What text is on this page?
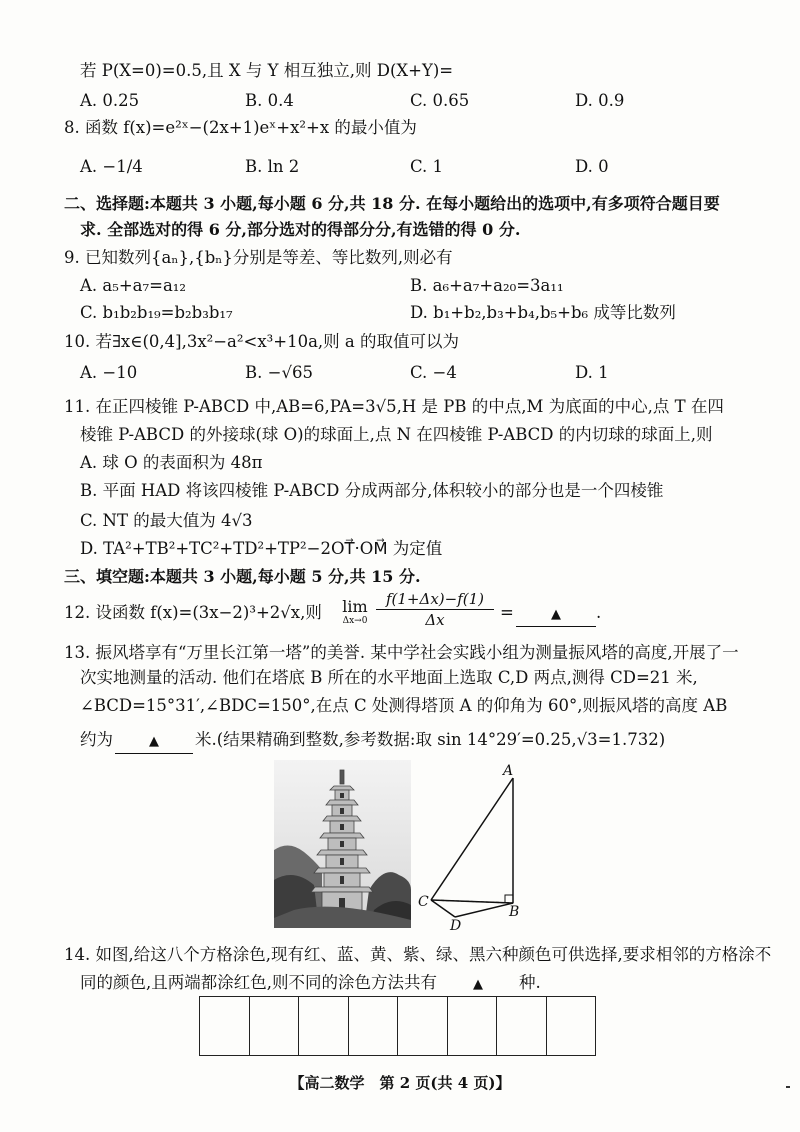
若 P(X=0)=0.5,且 X 与 Y 相互独立,则 D(X+Y)=
A. 0.25	B. 0.4	C. 0.65	D. 0.9
8. 函数 f(x)=e²ˣ−(2x+1)eˣ+x²+x 的最小值为
A. −1/4	B. ln 2	C. 1	D. 0
二、选择题:本题共 3 小题,每小题 6 分,共 18 分. 在每小题给出的选项中,有多项符合题目要
求. 全部选对的得 6 分,部分选对的得部分分,有选错的得 0 分.
9. 已知数列{aₙ},{bₙ}分别是等差、等比数列,则必有
A. a₅+a₇=a₁₂	B. a₆+a₇+a₂₀=3a₁₁
C. b₁b₂b₁₉=b₂b₃b₁₇	D. b₁+b₂,b₃+b₄,b₅+b₆ 成等比数列
10. 若∃x∈(0,4],3x²−a²<x³+10a,则 a 的取值可以为
A. −10	B. −√65	C. −4	D. 1
11. 在正四棱锥 P-ABCD 中,AB=6,PA=3√5,H 是 PB 的中点,M 为底面的中心,点 T 在四
棱锥 P-ABCD 的外接球(球 O)的球面上,点 N 在四棱锥 P-ABCD 的内切球的球面上,则
A. 球 O 的表面积为 48π
B. 平面 HAD 将该四棱锥 P-ABCD 分成两部分,体积较小的部分也是一个四棱锥
C. NT 的最大值为 4√3
D. TA²+TB²+TC²+TD²+TP²−2OT⃗·OM⃗ 为定值
三、填空题:本题共 3 小题,每小题 5 分,共 15 分.
12. 设函数 f(x)=(3x−2)³+2√x,则 lim
Δx→0
f(1+Δx)−f(1)
Δx	=	▲ .
13. 振风塔享有“万里长江第一塔”的美誉. 某中学社会实践小组为测量振风塔的高度,开展了一
次实地测量的活动. 他们在塔底 B 所在的水平地面上选取 C,D 两点,测得 CD=21 米,
∠BCD=15°31′,∠BDC=150°,在点 C 处测得塔顶 A 的仰角为 60°,则振风塔的高度 AB
约为	▲ 米.(结果精确到整数,参考数据:取 sin 14°29′=0.25,√3=1.732)
A
B
C
D
14. 如图,给这八个方格涂色,现有红、蓝、黄、紫、绿、黑六种颜色可供选择,要求相邻的方格涂不
同的颜色,且两端都涂红色,则不同的涂色方法共有	▲ 种.
【高二数学　第 2 页(共 4 页)】
